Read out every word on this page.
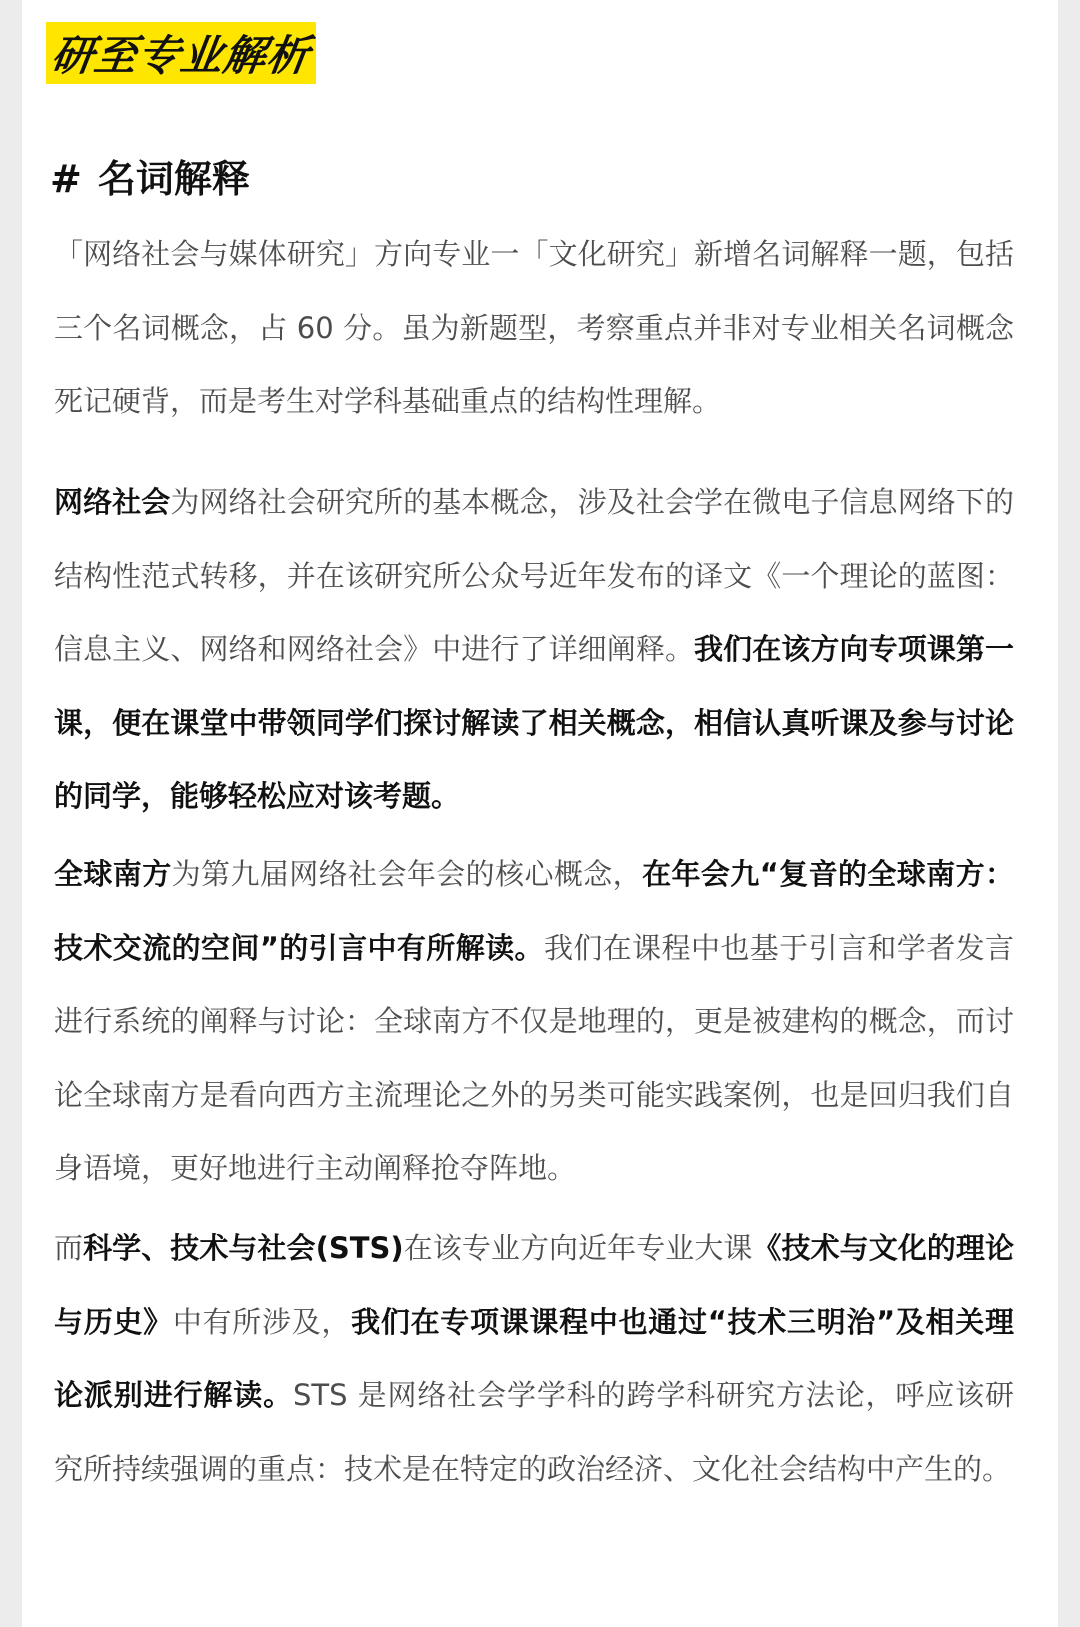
研至专业解析
# 名词解释
「网络社会与媒体研究」方向专业一「文化研究」新增名词解释一题，包括三个名词概念，占 60 分。虽为新题型，考察重点并非对专业相关名词概念死记硬背，而是考生对学科基础重点的结构性理解。
网络社会为网络社会研究所的基本概念，涉及社会学在微电子信息网络下的结构性范式转移，并在该研究所公众号近年发布的译文《一个理论的蓝图：信息主义、网络和网络社会》中进行了详细阐释。我们在该方向专项课第一课，便在课堂中带领同学们探讨解读了相关概念，相信认真听课及参与讨论的同学，能够轻松应对该考题。
全球南方为第九届网络社会年会的核心概念，在年会九“复音的全球南方：技术交流的空间”的引言中有所解读。我们在课程中也基于引言和学者发言进行系统的阐释与讨论：全球南方不仅是地理的，更是被建构的概念，而讨论全球南方是看向西方主流理论之外的另类可能实践案例，也是回归我们自身语境，更好地进行主动阐释抢夺阵地。
而科学、技术与社会(STS)在该专业方向近年专业大课《技术与文化的理论与历史》中有所涉及，我们在专项课课程中也通过“技术三明治”及相关理论派别进行解读。STS 是网络社会学学科的跨学科研究方法论，呼应该研究所持续强调的重点：技术是在特定的政治经济、文化社会结构中产生的。
